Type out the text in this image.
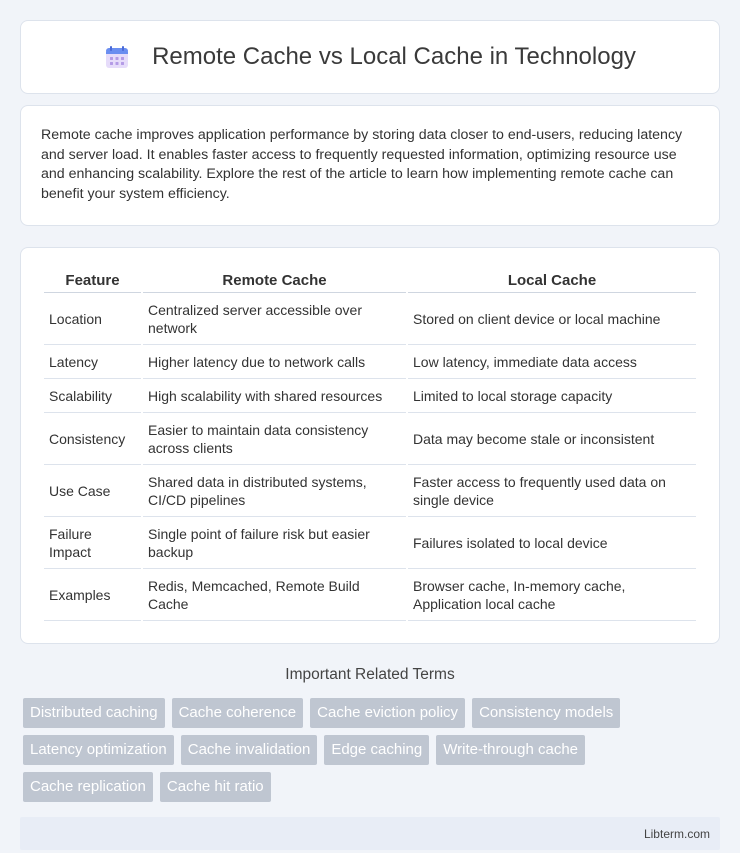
Remote Cache vs Local Cache in Technology

Remote cache improves application performance by storing data closer to end-users, reducing latency and server load. It enables faster access to frequently requested information, optimizing resource use and enhancing scalability. Explore the rest of the article to learn how implementing remote cache can benefit your system efficiency.

Feature	Remote Cache	Local Cache
Location	Centralized server accessible over network	Stored on client device or local machine
Latency	Higher latency due to network calls	Low latency, immediate data access
Scalability	High scalability with shared resources	Limited to local storage capacity
Consistency	Easier to maintain data consistency across clients	Data may become stale or inconsistent
Use Case	Shared data in distributed systems, CI/CD pipelines	Faster access to frequently used data on single device
Failure Impact	Single point of failure risk but easier backup	Failures isolated to local device
Examples	Redis, Memcached, Remote Build Cache	Browser cache, In-memory cache, Application local cache
Important Related Terms
Distributed caching	Cache coherence	Cache eviction policy	Consistency models
Latency optimization	Cache invalidation	Edge caching	Write-through cache
Cache replication	Cache hit ratio
Libterm.com
